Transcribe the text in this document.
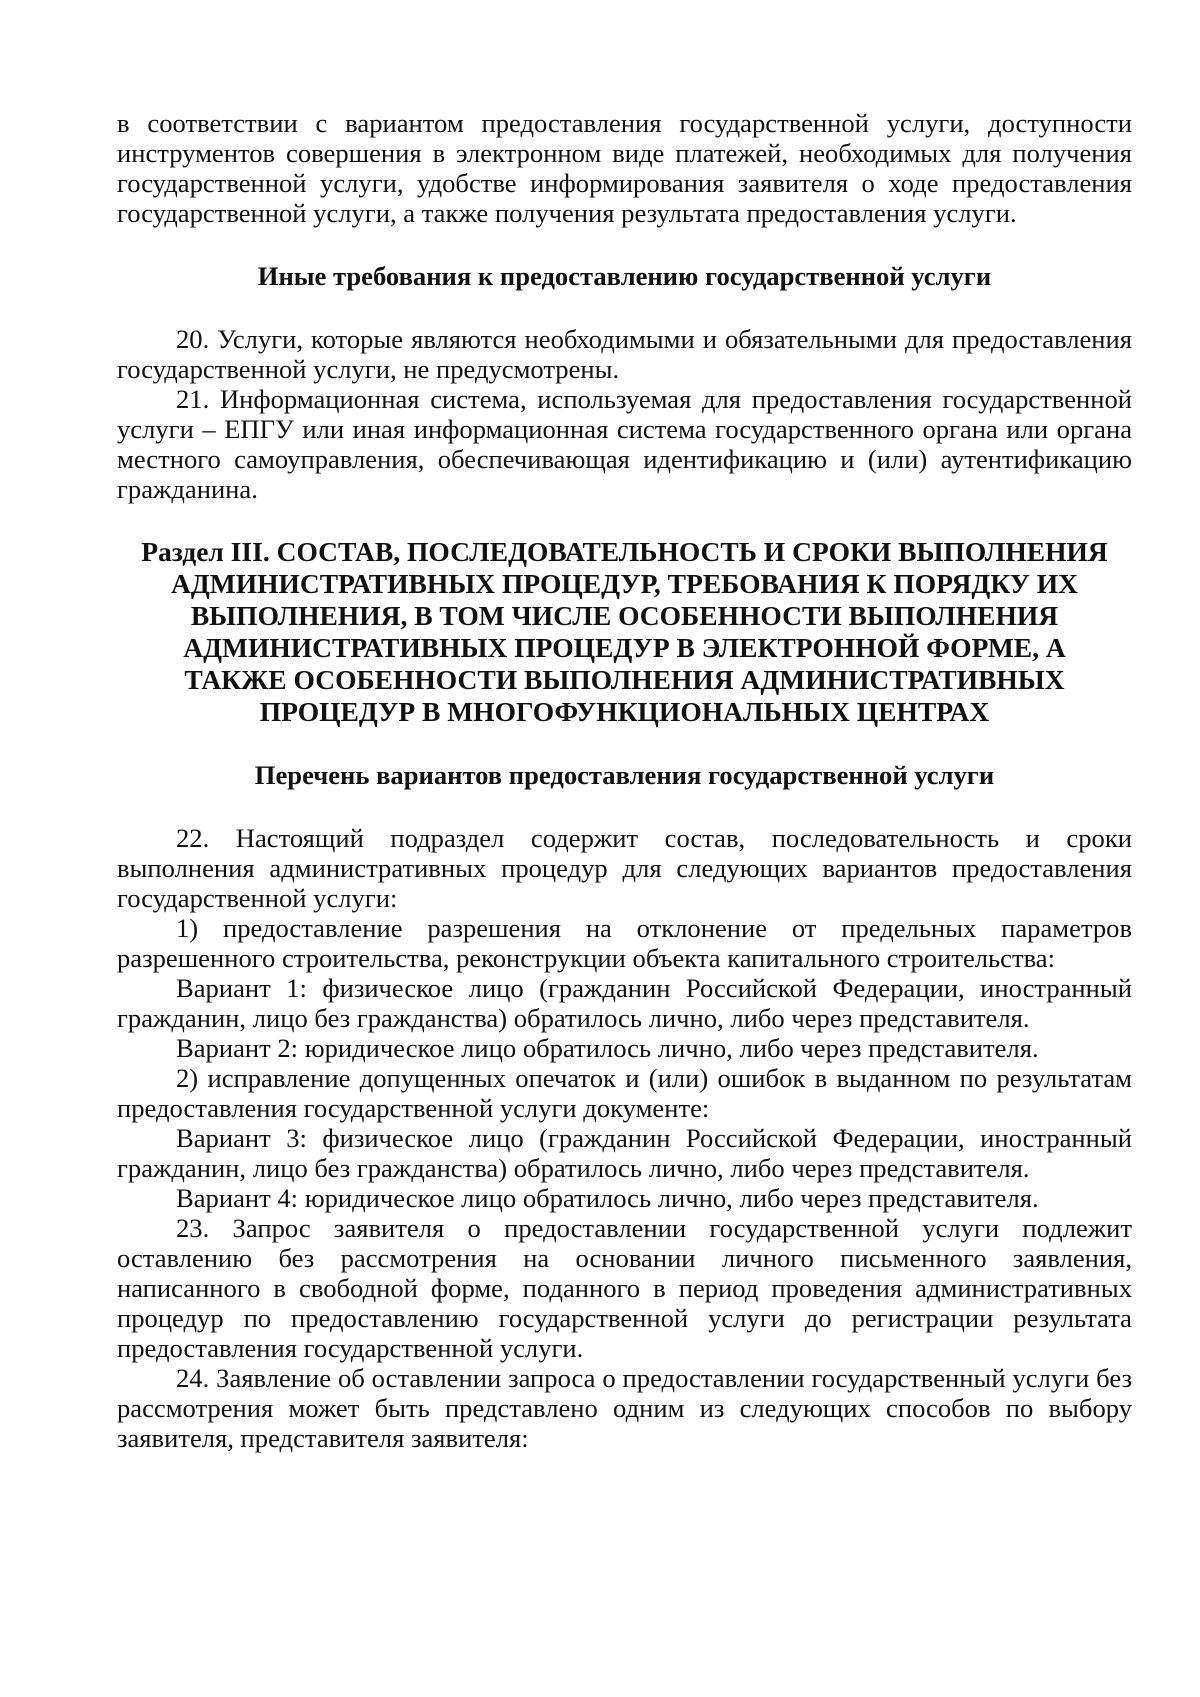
в соответствии с вариантом предоставления государственной услуги, доступности инструментов совершения в электронном виде платежей, необходимых для получения государственной услуги, удобстве информирования заявителя о ходе предоставления государственной услуги, а также получения результата предоставления услуги.

Иные требования к предоставлению государственной услуги

20. Услуги, которые являются необходимыми и обязательными для предоставления государственной услуги, не предусмотрены.

21. Информационная система, используемая для предоставления государственной услуги – ЕПГУ или иная информационная система государственного органа или органа местного самоуправления, обеспечивающая идентификацию и (или) аутентификацию гражданина.

Раздел III. СОСТАВ, ПОСЛЕДОВАТЕЛЬНОСТЬ И СРОКИ ВЫПОЛНЕНИЯ
АДМИНИСТРАТИВНЫХ ПРОЦЕДУР, ТРЕБОВАНИЯ К ПОРЯДКУ ИХ
ВЫПОЛНЕНИЯ, В ТОМ ЧИСЛЕ ОСОБЕННОСТИ ВЫПОЛНЕНИЯ
АДМИНИСТРАТИВНЫХ ПРОЦЕДУР В ЭЛЕКТРОННОЙ ФОРМЕ, А
ТАКЖЕ ОСОБЕННОСТИ ВЫПОЛНЕНИЯ АДМИНИСТРАТИВНЫХ
ПРОЦЕДУР В МНОГОФУНКЦИОНАЛЬНЫХ ЦЕНТРАХ

Перечень вариантов предоставления государственной услуги

22. Настоящий подраздел содержит состав, последовательность и сроки выполнения административных процедур для следующих вариантов предоставления государственной услуги:

1) предоставление разрешения на отклонение от предельных параметров разрешенного строительства, реконструкции объекта капитального строительства:

Вариант 1: физическое лицо (гражданин Российской Федерации, иностранный гражданин, лицо без гражданства) обратилось лично, либо через представителя.

Вариант 2: юридическое лицо обратилось лично, либо через представителя.

2) исправление допущенных опечаток и (или) ошибок в выданном по результатам предоставления государственной услуги документе:

Вариант 3: физическое лицо (гражданин Российской Федерации, иностранный гражданин, лицо без гражданства) обратилось лично, либо через представителя.

Вариант 4: юридическое лицо обратилось лично, либо через представителя.

23. Запрос заявителя о предоставлении государственной услуги подлежит оставлению без рассмотрения на основании личного письменного заявления, написанного в свободной форме, поданного в период проведения административных процедур по предоставлению государственной услуги до регистрации результата предоставления государственной услуги.

24. Заявление об оставлении запроса о предоставлении государственный услуги без рассмотрения может быть представлено одним из следующих способов по выбору заявителя, представителя заявителя:
